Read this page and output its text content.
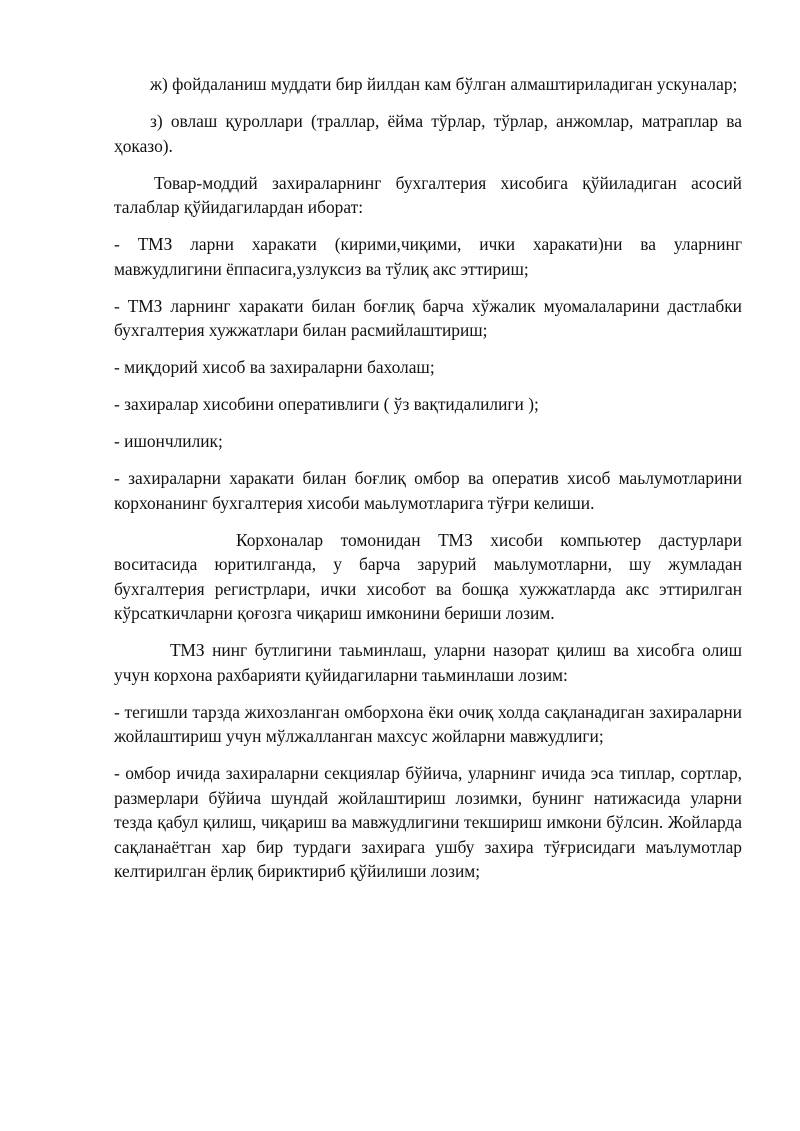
ж) фойдаланиш муддати бир йилдан кам бўлган алмаштириладиган ускуналар;

з) овлаш қуроллари (траллар, ёйма тўрлар, тўрлар, анжомлар, матраплар ва ҳоказо).

Товар-моддий захираларнинг бухгалтерия хисобига қўйиладиган асосий талаблар қўйидагилардан иборат:

- ТМЗ ларни харакати (кирими,чиқими, ички харакати)ни ва уларнинг мавжудлигини ёппасига,узлуксиз ва тўлиқ акс эттириш;

- ТМЗ ларнинг харакати билан боғлиқ барча хўжалик муомалаларини дастлабки бухгалтерия хужжатлари билан расмийлаштириш;

- миқдорий хисоб ва захираларни бахолаш;

- захиралар хисобини оперативлиги ( ўз вақтидалилиги );

- ишончлилик;

- захираларни харакати билан боғлиқ омбор ва оператив хисоб маьлумотларини корхонанинг бухгалтерия хисоби маьлумотларига тўғри келиши.

Корхоналар томонидан ТМЗ хисоби компьютер дастурлари воситасида юритилганда, у барча зарурий маьлумотларни, шу жумладан бухгалтерия регистрлари, ички хисобот ва бошқа хужжатларда акс эттирилган кўрсаткичларни қоғозга чиқариш имконини бериши лозим.

ТМЗ нинг бутлигини таьминлаш, уларни назорат қилиш ва хисобга олиш учун корхона рахбарияти қуйидагиларни таьминлаши лозим:

- тегишли тарзда жихозланган омборхона ёки очиқ холда сақланадиган захираларни жойлаштириш учун мўлжалланган махсус жойларни мавжудлиги;

- омбор ичида захираларни секциялар бўйича, уларнинг ичида эса типлар, сортлар, размерлари бўйича шундай жойлаштириш лозимки, бунинг натижасида уларни тезда қабул қилиш, чиқариш ва мавжудлигини текшириш имкони бўлсин. Жойларда сақланаётган хар бир турдаги захирага ушбу захира тўғрисидаги маълумотлар келтирилган ёрлиқ бириктириб қўйилиши лозим;
